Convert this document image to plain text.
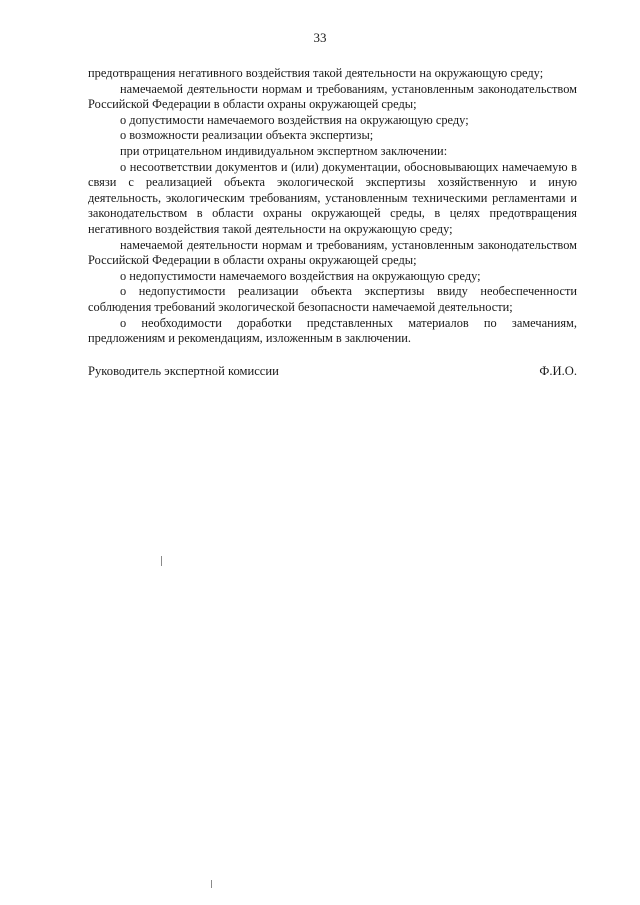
33

предотвращения негативного воздействия такой деятельности на окружающую среду;

намечаемой деятельности нормам и требованиям, установленным законодательством Российской Федерации в области охраны окружающей среды;

о допустимости намечаемого воздействия на окружающую среду;

о возможности реализации объекта экспертизы;

при отрицательном индивидуальном экспертном заключении:

о несоответствии документов и (или) документации, обосновывающих намечаемую в связи с реализацией объекта экологической экспертизы хозяйственную и иную деятельность, экологическим требованиям, установленным техническими регламентами и законодательством в области охраны окружающей среды, в целях предотвращения негативного воздействия такой деятельности на окружающую среду;

намечаемой деятельности нормам и требованиям, установленным законодательством Российской Федерации в области охраны окружающей среды;

о недопустимости намечаемого воздействия на окружающую среду;

о недопустимости реализации объекта экспертизы ввиду необеспеченности соблюдения требований экологической безопасности намечаемой деятельности;

о необходимости доработки представленных материалов по замечаниям, предложениям и рекомендациям, изложенным в заключении.

Руководитель экспертной комиссии	Ф.И.О.
